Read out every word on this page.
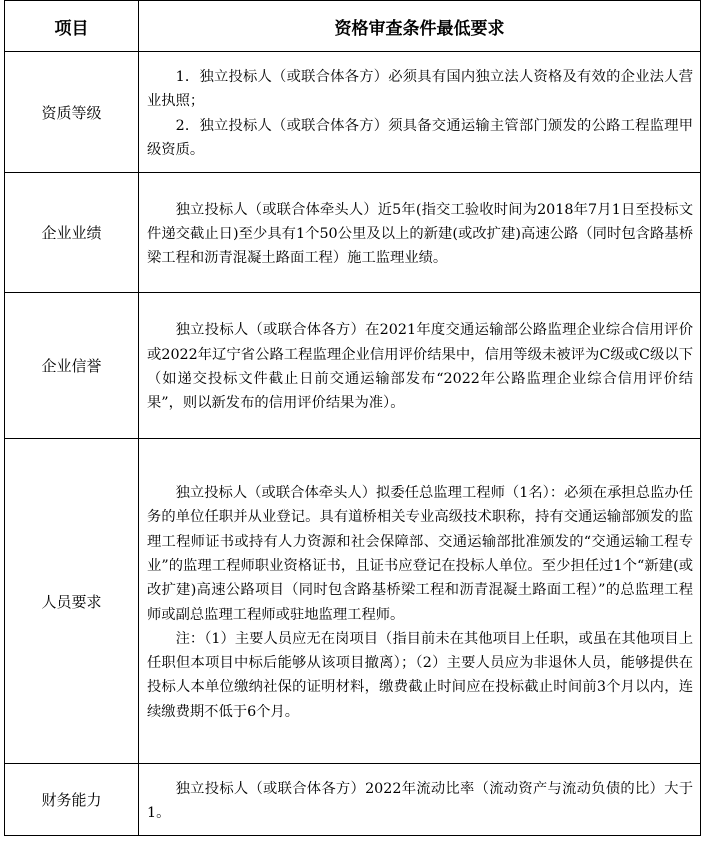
项目	资格审查条件最低要求
资质等级	1．独立投标人（或联合体各方）必须具有国内独立法人资格及有效的企业法人营业执照；

2．独立投标人（或联合体各方）须具备交通运输主管部门颁发的公路工程监理甲级资质。

企业业绩	独立投标人（或联合体牵头人）近5年(指交工验收时间为2018年7月1日至投标文件递交截止日)至少具有1个50公里及以上的新建(或改扩建)高速公路（同时包含路基桥梁工程和沥青混凝土路面工程）施工监理业绩。

企业信誉	独立投标人（或联合体各方）在2021年度交通运输部公路监理企业综合信用评价或2022年辽宁省公路工程监理企业信用评价结果中，信用等级未被评为C级或C级以下（如递交投标文件截止日前交通运输部发布“2022年公路监理企业综合信用评价结果”，则以新发布的信用评价结果为准）。

人员要求	独立投标人（或联合体牵头人）拟委任总监理工程师（1名）：必须在承担总监办任务的单位任职并从业登记。具有道桥相关专业高级技术职称，持有交通运输部颁发的监理工程师证书或持有人力资源和社会保障部、交通运输部批准颁发的“交通运输工程专业”的监理工程师职业资格证书，且证书应登记在投标人单位。至少担任过1个“新建(或改扩建)高速公路项目（同时包含路基桥梁工程和沥青混凝土路面工程）”的总监理工程师或副总监理工程师或驻地监理工程师。

注：（1）主要人员应无在岗项目（指目前未在其他项目上任职，或虽在其他项目上任职但本项目中标后能够从该项目撤离）；（2）主要人员应为非退休人员，能够提供在投标人本单位缴纳社保的证明材料，缴费截止时间应在投标截止时间前3个月以内，连续缴费期不低于6个月。

财务能力	独立投标人（或联合体各方）2022年流动比率（流动资产与流动负债的比）大于1。
